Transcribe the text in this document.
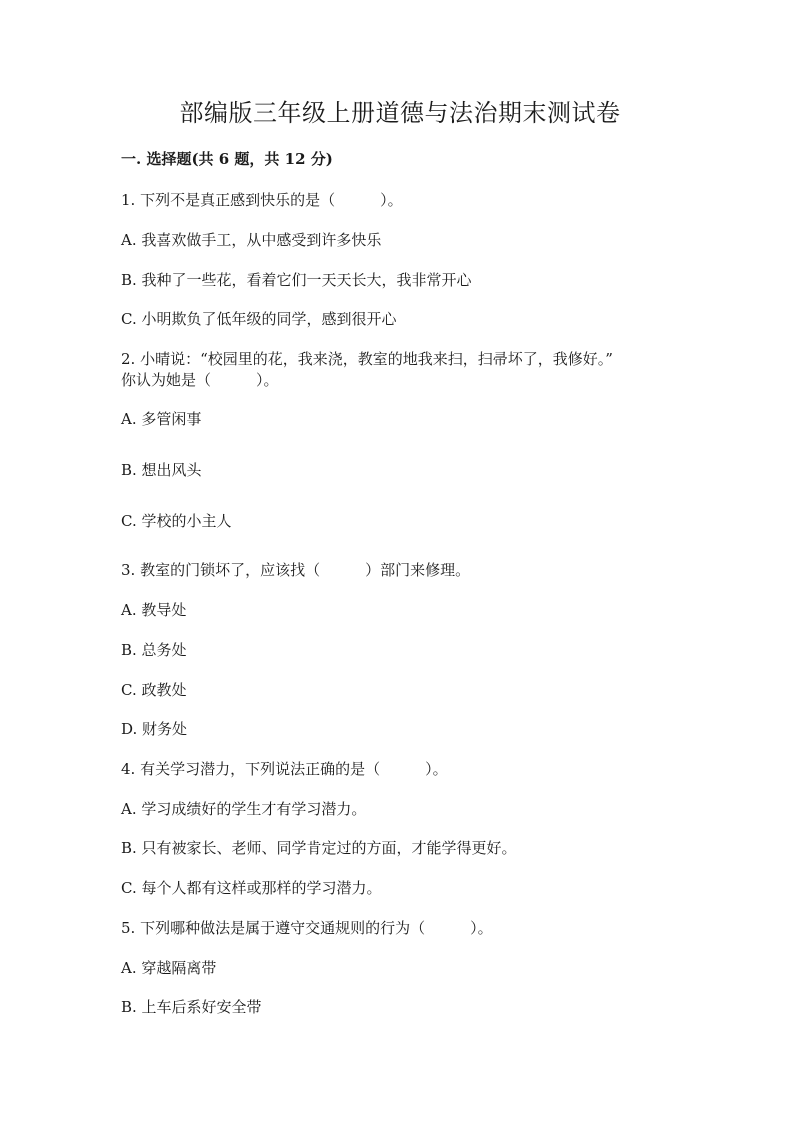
部编版三年级上册道德与法治期末测试卷
一. 选择题(共 6 题，共 12 分)
1. 下列不是真正感到快乐的是（　　　）。
A. 我喜欢做手工，从中感受到许多快乐
B. 我种了一些花，看着它们一天天长大，我非常开心
C. 小明欺负了低年级的同学，感到很开心
2. 小晴说：“校园里的花，我来浇，教室的地我来扫，扫帚坏了，我修好。”
你认为她是（　　　）。
A. 多管闲事
B. 想出风头
C. 学校的小主人
3. 教室的门锁坏了，应该找（　　　）部门来修理。
A. 教导处
B. 总务处
C. 政教处
D. 财务处
4. 有关学习潜力，下列说法正确的是（　　　）。
A. 学习成绩好的学生才有学习潜力。
B. 只有被家长、老师、同学肯定过的方面，才能学得更好。
C. 每个人都有这样或那样的学习潜力。
5. 下列哪种做法是属于遵守交通规则的行为（　　　）。
A. 穿越隔离带
B. 上车后系好安全带
